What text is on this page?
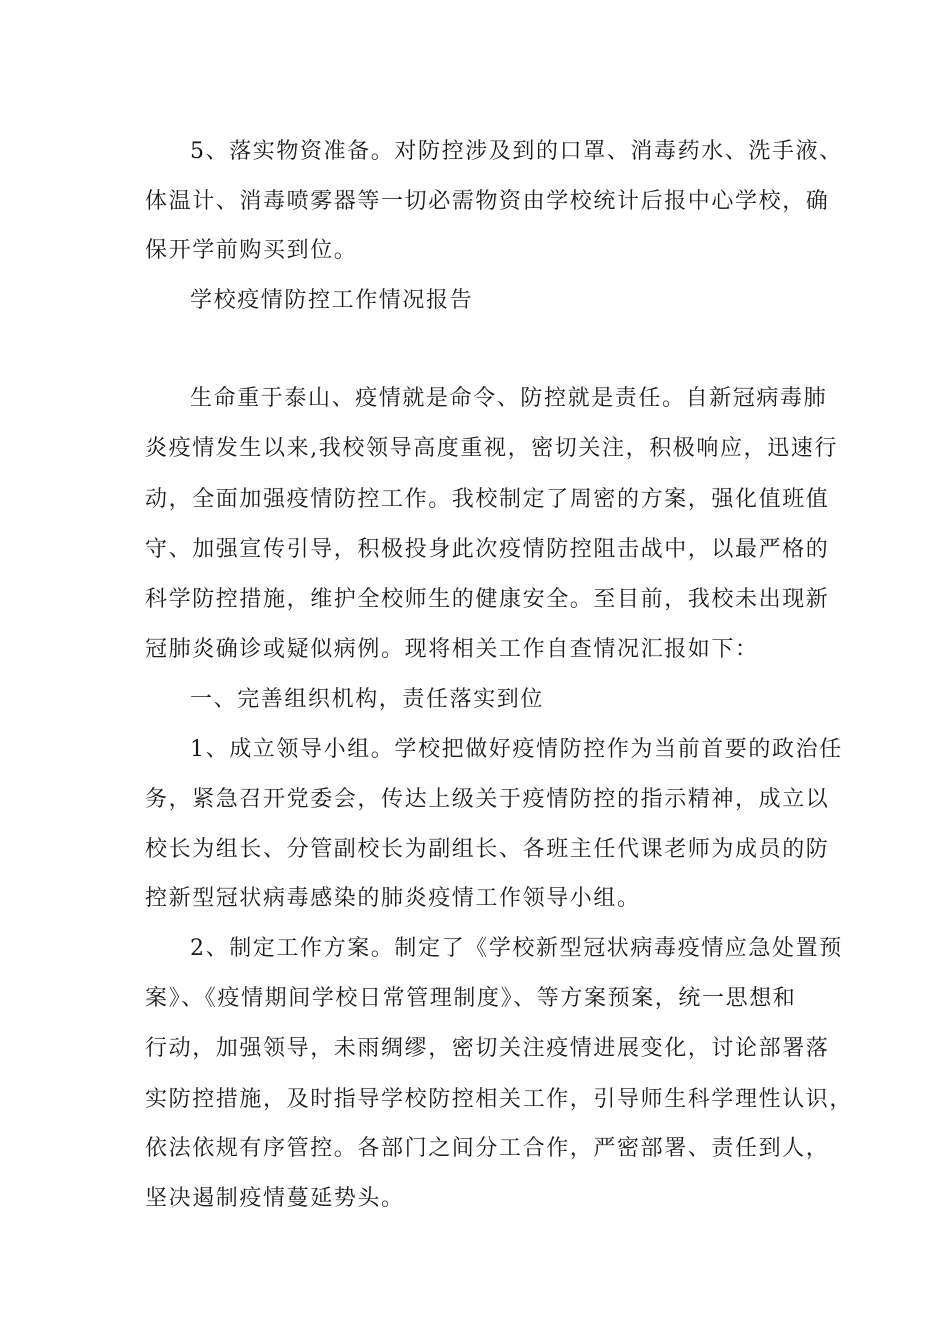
5、落实物资准备。对防控涉及到的口罩、消毒药水、洗手液、
体温计、消毒喷雾器等一切必需物资由学校统计后报中心学校，确
保开学前购买到位。
学校疫情防控工作情况报告
生命重于泰山、疫情就是命令、防控就是责任。自新冠病毒肺
炎疫情发生以来,我校领导高度重视，密切关注，积极响应，迅速行
动，全面加强疫情防控工作。我校制定了周密的方案，强化值班值
守、加强宣传引导，积极投身此次疫情防控阻击战中，以最严格的
科学防控措施，维护全校师生的健康安全。至目前，我校未出现新
冠肺炎确诊或疑似病例。现将相关工作自查情况汇报如下：
一、完善组织机构，责任落实到位
1、成立领导小组。学校把做好疫情防控作为当前首要的政治任
务，紧急召开党委会，传达上级关于疫情防控的指示精神，成立以
校长为组长、分管副校长为副组长、各班主任代课老师为成员的防
控新型冠状病毒感染的肺炎疫情工作领导小组。
2、制定工作方案。制定了《学校新型冠状病毒疫情应急处置预
案》、《疫情期间学校日常管理制度》、等方案预案，统一思想和
行动，加强领导，未雨绸缪，密切关注疫情进展变化，讨论部署落
实防控措施，及时指导学校防控相关工作，引导师生科学理性认识，
依法依规有序管控。各部门之间分工合作，严密部署、责任到人，
坚决遏制疫情蔓延势头。
